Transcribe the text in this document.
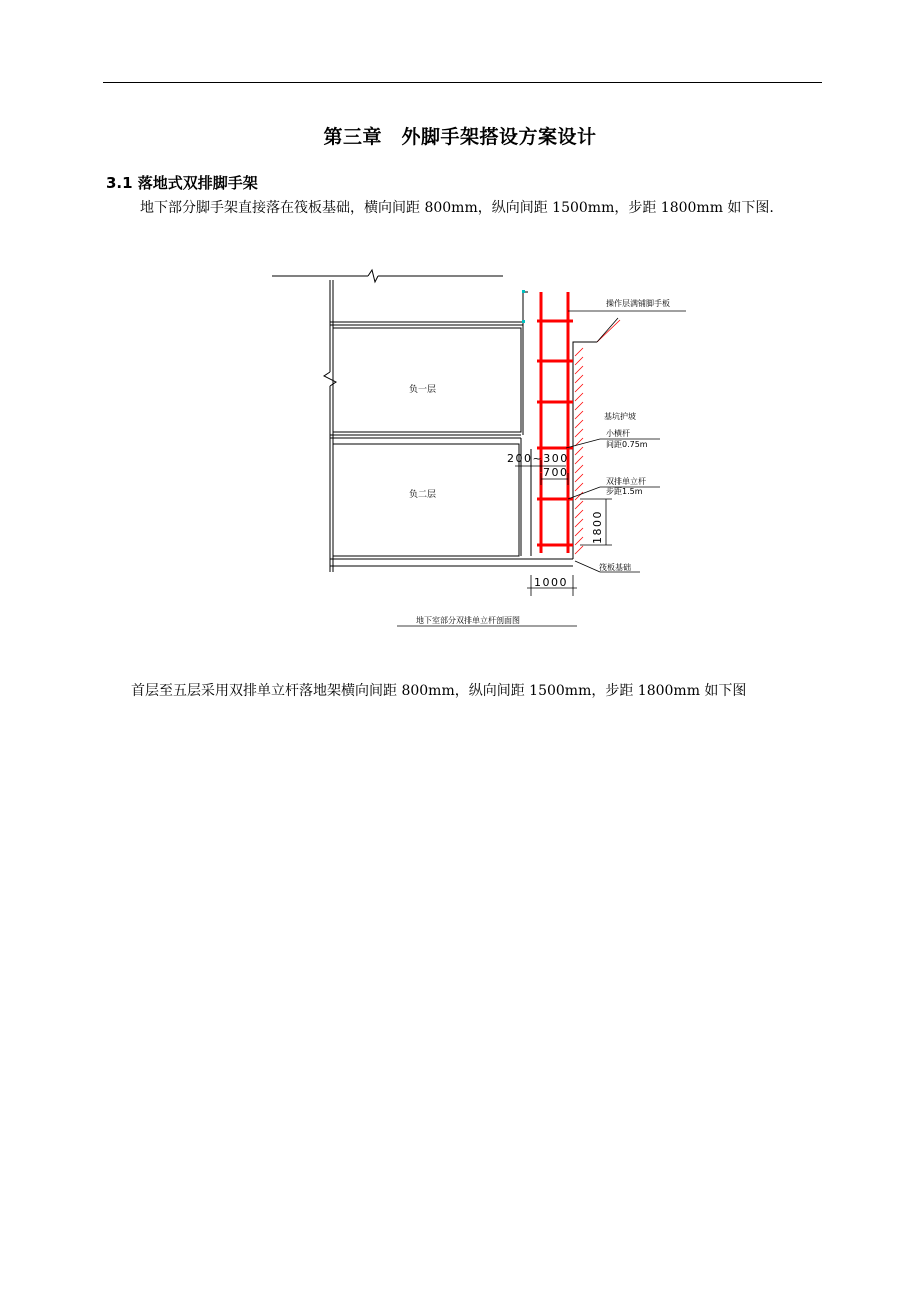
第三章　外脚手架搭设方案设计
3.1 落地式双排脚手架
地下部分脚手架直接落在筏板基础，横向间距 800mm，纵向间距 1500mm，步距 1800mm 如下图.
负一层
负二层
操作层满铺脚手板
基坑护坡
小横杆
间距0.75m
双排单立杆
步距1.5m
筏板基础
200~300
700
1800
1000
地下室部分双排单立杆剖面图
首层至五层采用双排单立杆落地架横向间距 800mm，纵向间距 1500mm，步距 1800mm 如下图
